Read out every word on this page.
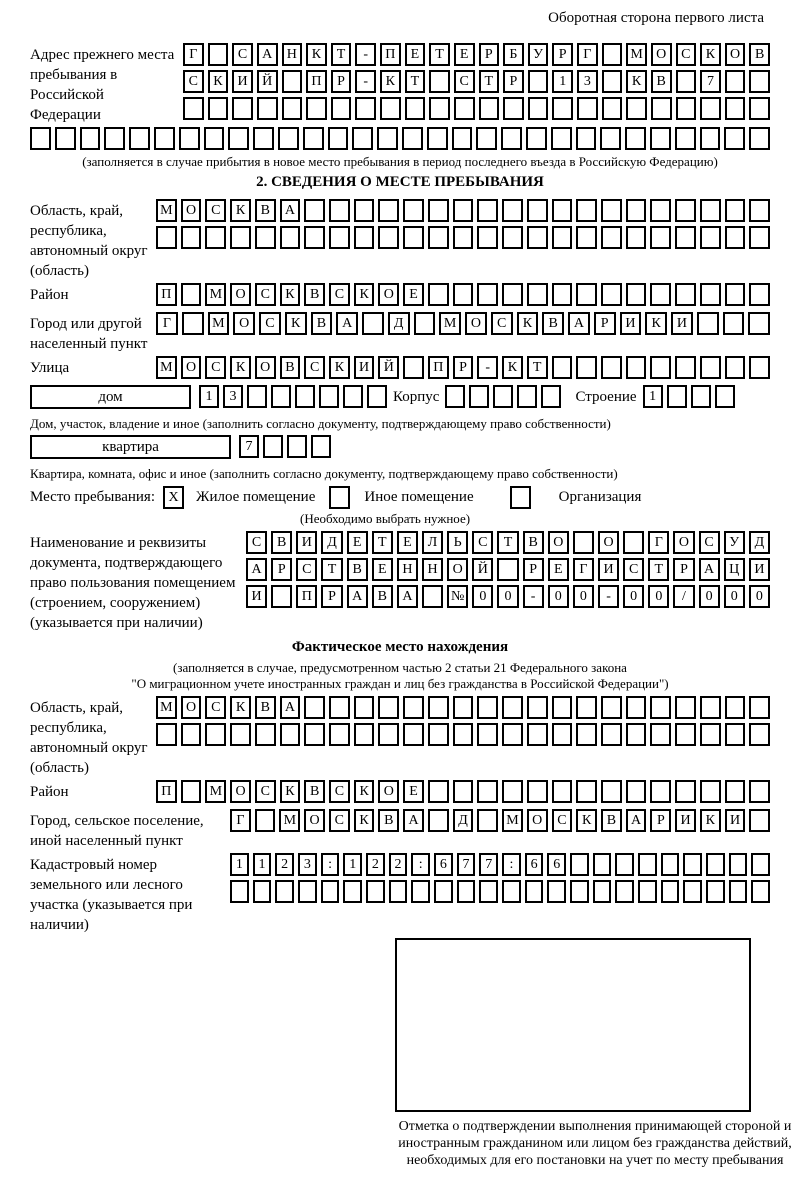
Оборотная сторона первого листа
Адрес прежнего места пребывания в Российской Федерации
Г	С	А	Н	К	Т	-	П	Е	Т	Е	Р	Б	У	Р	Г	М О	С	К	О	В
С	К	И	Й	П	Р	-	К	Т	С	Т	Р	1	3	К	В	7
(заполняется в случае прибытия в новое место пребывания в период последнего въезда в Российскую Федерацию)
2. СВЕДЕНИЯ О МЕСТЕ ПРЕБЫВАНИЯ
Область, край, республика, автономный округ (область)
М О	С	К	В	А
Район	П	М О	С	К	В	С	К	О	Е
Город или другой населенный пункт
Г	М	О	С	К	В	А	Д	М	О	С	К	В	А	Р	И	К	И
Улица	М О	С	К	О	В	С	К	И	Й	П	Р	-	К	Т
дом	1	3	Корпус	Строение 1
Дом, участок, владение и иное (заполнить согласно документу, подтверждающему право собственности)
квартира	7
Квартира, комната, офис и иное (заполнить согласно документу, подтверждающему право собственности)
Место пребывания: X	Жилое помещение	Иное помещение	Организация
(Необходимо выбрать нужное)
Наименование и реквизиты документа, подтверждающего право пользования помещением (строением, сооружением) (указывается при наличии)
С	В	И	Д	Е	Т	Е	Л	Ь	С	Т	В	О	О	Г	О	С	У	Д
А	Р	С	Т	В	Е	Н	Н	О	Й	Р	Е	Г	И	С	Т	Р	А	Ц	И
И	П	Р	А	В	А	№	0	0	-	0	0	-	0	0	/	0	0	0
Фактическое место нахождения
(заполняется в случае, предусмотренном частью 2 статьи 21 Федерального закона
"О миграционном учете иностранных граждан и лиц без гражданства в Российской Федерации")
Область, край, республика, автономный округ (область)
М О	С	К	В	А
Район	П	М О	С	К	В	С	К	О	Е
Город, сельское поселение, иной населенный пункт
Г	М О	С	К	В	А	Д	М О	С	К	В	А	Р	И	К	И
Кадастровый номер земельного или лесного участка (указывается при наличии)
1	1	2	3	:	1	2	2	:	6	7	7	:	6	6
Отметка о подтверждении выполнения принимающей стороной и иностранным гражданином или лицом без гражданства действий, необходимых для его постановки на учет по месту пребывания
